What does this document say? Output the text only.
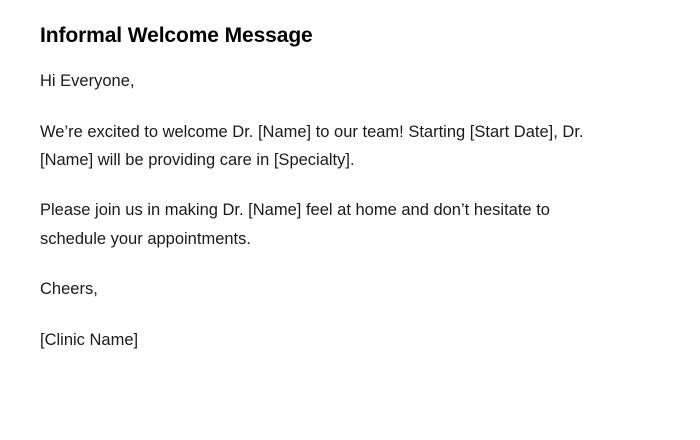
Informal Welcome Message

Hi Everyone,

We’re excited to welcome Dr. [Name] to our team! Starting [Start Date], Dr. [Name] will be providing care in [Specialty].

Please join us in making Dr. [Name] feel at home and don’t hesitate to schedule your appointments.

Cheers,

[Clinic Name]
